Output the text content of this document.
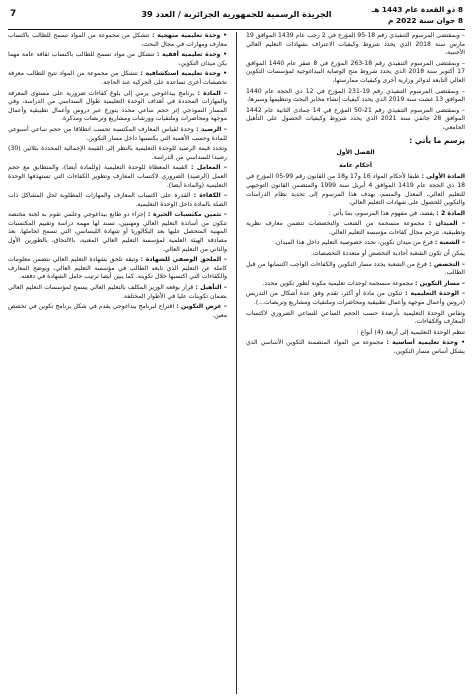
8 ذو القعدة عام 1443 هـ
8 جوان سنة 2022 م
الجريدة الرسمية للجمهورية الجزائرية / العدد 39
7

– وبمقتضى المرسوم التنفيذي رقم 18-95 المؤرخ في 2 رجب عام 1439 الموافق 19 مارس سنة 2018 الذي يحدد شروط وكيفيات الاعتراف بشهادات التعليم العالي الأجنبية،

– وبمقتضى المرسوم التنفيذي رقم 18-263 المؤرخ في 8 صفر عام 1440 الموافق 17 أكتوبر سنة 2018 الذي يحدد شروط منح الوصاية البيداغوجية لمؤسسات التكوين العالي التابعة لدوائر وزارية أخرى وكيفيات ممارستها،

– وبمقتضى المرسوم التنفيذي رقم 19-231 المؤرخ في 12 ذي الحجة عام 1440 الموافق 13 غشت سنة 2019 الذي يحدد كيفيات إنشاء مخابر البحث وتنظيمها وسيرها،

– وبمقتضى المرسوم التنفيذي رقم 21-50 المؤرخ في 14 جمادى الثانية عام 1442 الموافق 28 جانفي سنة 2021 الذي يحدد شروط وكيفيات الحصول على التأهيل الجامعي،

يرسم ما يأتي :
الفصل الأول
أحكام عامة

المادة الأولى : طبقا لأحكام المواد 16 و17 و18 من القانون رقم 99-05 المؤرخ في 18 ذي الحجة عام 1419 الموافق 4 أبريل سنة 1999 والمتضمن القانون التوجيهي للتعليم العالي، المعدل والمتمم، يهدف هذا المرسوم إلى تحديد نظام الدراسات والتكوين للحصول على شهادات التعليم العالي.

المادة 2 : يقصد، في مفهوم هذا المرسوم، بما يأتي :

– الميدان : مجموعة منسجمة من الشعب والتخصصات تتضمن معارف نظرية وتطبيقية، تترجم مجال كفاءات مؤسسة التعليم العالي.

– الشعبة : فرع من ميدان تكوين، تحدد خصوصية التعليم داخل هذا الميدان.

يمكن أن تكون الشعبة أحادية التخصص أو متعددة التخصصات.

– التخصص : فرع من الشعبة يحدد مسار التكوين والكفاءات الواجب اكتسابها من قبل الطالب.

– مسار التكوين : مجموعة منسجمة لوحدات تعليمية مكونة لطور تكوين محدد.

– الوحدة التعليمية : تتكون من مادة أو أكثر، تقدم وفق عدة أشكال من التدريس (دروس وأعمال موجهة وأعمال تطبيقية ومحاضرات وملتقيات ومشاريع وتربصات...).

وتقاس الوحدة التعليمية بأرصدة حسب الحجم الساعي للساعي الضروري لاكتساب المعارف والكفاءات.

تنظم الوحدة التعليمية إلى أربعة (4) أنواع :

• وحدة تعليمية أساسية : مجموعة من المواد المتضمنة التكوين الأساسي الذي يشكل أساس مسار التكوين،

• وحدة تعليمية منهجية : تتشكل من مجموعة من المواد تسمح للطالب باكتساب معارف ومهارات في مجال البحث،

• وحدة تعليمية أفقية : تتشكل من مواد تسمح للطالب باكتساب ثقافة عامة مهما يكن ميدان التكوين،

• وحدة تعليمية استكشافية : تتشكل من مجموعة من المواد تتيح للطالب معرفة تخصصات أخرى تساعده على الحركية عند الحاجة.

– المادة : برنامج بيداغوجي يرمي إلى بلوغ كفاءات ضرورية على مستوى المعرفة والمهارات المحددة في أهداف الوحدة التعليمية طوال السداسي من الدراسة، وفي المسار النموذجي إثر حجم ساعي محدد يتوزع عبر دروس وأعمال تطبيقية وأعمال موجهة ومحاضرات وملتقيات وورشات ومشاريع وتربصات ومذكرة.

– الرصيد : وحدة لقياس المعارف المكتسبة تحسب انطلاقا من حجم ساعي أسبوعي للمادة وحسب الأهمية التي يكتسبها داخل مسار التكوين.

وتحدد قيمة الرصيد للوحدة التعليمية بالنظر إلى القيمة الإجمالية المحددة بثلاثين (30) رصيدا للسداسي من الدراسة.

– المعامل : القيمة المعطاة للوحدة التعليمية (وللمادة أيضا)، والمتطابق مع حجم العمل (الرصيد) الضروري لاكتساب المعارف وتطوير الكفاءات التي تستهدفها الوحدة التعليمية (والمادة أيضا).

– الكفاءة : القدرة على اكتساب المعارف والمهارات المطلوبة لحل المشاكل ذات الصلة بالمادة داخل الوحدة التعليمية.

– تثمين مكتسبات الخبرة : إجراء ذو طابع بيداغوجي وعلمي تقوم به لجنة مختصة تتكون من أساتذة التعليم العالي ومهنيين، تسند لها مهمة دراسة وتقييم المكتسبات المهنية المتحصل عليها بعد البكالوريا أو شهادة الليسانس، التي تسمح لحاملها، بعد مصادقة الهيئة العلمية لمؤسسة التعليم العالي المعنية، بالالتحاق، بالطورين الأول والثاني من التعليم العالي.

– الملحق الوصفي للشهادة : وثيقة تلحق بشهادة التعليم العالي تتضمن معلومات كاملة عن التعليم الذي تابعه الطالب في مؤسسة التعليم العالي، ويوضح المعارف والكفاءات التي اكتسبها خلال تكوينه. كما يبين أيضا ترتيب حامل الشهادة في دفعته.

– التأهيل : قرار يوقعه الوزير المكلف بالتعليم العالي يسمح لمؤسسات التعليم العالي بضمان تكوينات عليا في الأطوار المختلفة.

– عرض التكوين : اقتراح لبرنامج بيداغوجي يقدم في شكل برنامج تكوين في تخصص معين.
